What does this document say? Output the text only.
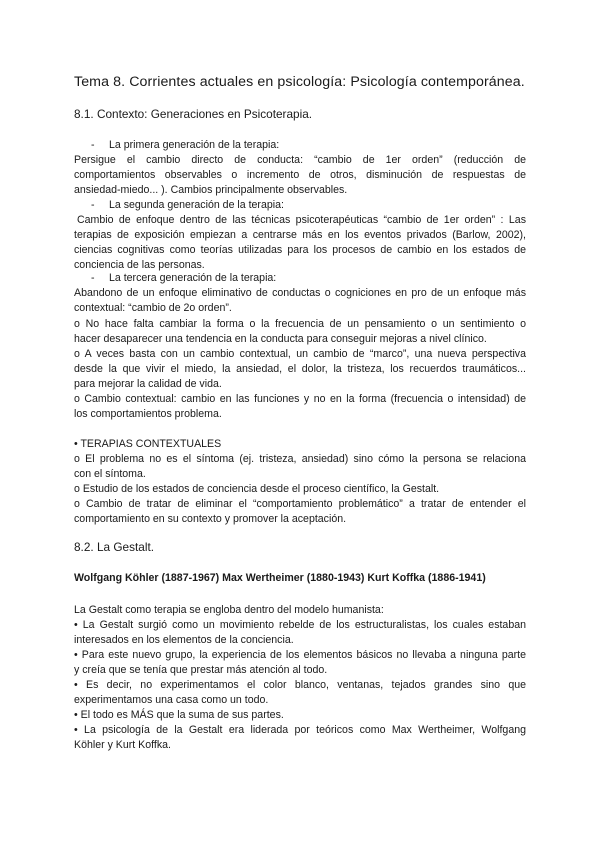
Tema 8. Corrientes actuales en psicología: Psicología contemporánea.
8.1. Contexto: Generaciones en Psicoterapia.
- La primera generación de la terapia:
Persigue el cambio directo de conducta: “cambio de 1er orden” (reducción de
comportamientos observables o incremento de otros, disminución de respuestas de
ansiedad-miedo... ). Cambios principalmente observables.
- La segunda generación de la terapia:
Cambio de enfoque dentro de las técnicas psicoterapéuticas “cambio de 1er orden” : Las
terapias de exposición empiezan a centrarse más en los eventos privados (Barlow, 2002),
ciencias cognitivas como teorías utilizadas para los procesos de cambio en los estados de
conciencia de las personas.
- La tercera generación de la terapia:
Abandono de un enfoque eliminativo de conductas o cogniciones en pro de un enfoque más
contextual: “cambio de 2o orden”.
o No hace falta cambiar la forma o la frecuencia de un pensamiento o un sentimiento o
hacer desaparecer una tendencia en la conducta para conseguir mejoras a nivel clínico.
o A veces basta con un cambio contextual, un cambio de “marco”, una nueva perspectiva
desde la que vivir el miedo, la ansiedad, el dolor, la tristeza, los recuerdos traumáticos...
para mejorar la calidad de vida.
o Cambio contextual: cambio en las funciones y no en la forma (frecuencia o intensidad) de
los comportamientos problema.
• TERAPIAS CONTEXTUALES
o El problema no es el síntoma (ej. tristeza, ansiedad) sino cómo la persona se relaciona
con el síntoma.
o Estudio de los estados de conciencia desde el proceso científico, la Gestalt.
o Cambio de tratar de eliminar el “comportamiento problemático” a tratar de entender el
comportamiento en su contexto y promover la aceptación.
8.2. La Gestalt.
Wolfgang Köhler (1887-1967) Max Wertheimer (1880-1943) Kurt Koffka (1886-1941)
La Gestalt como terapia se engloba dentro del modelo humanista:
• La Gestalt surgió como un movimiento rebelde de los estructuralistas, los cuales estaban
interesados en los elementos de la conciencia.
• Para este nuevo grupo, la experiencia de los elementos básicos no llevaba a ninguna parte
y creía que se tenía que prestar más atención al todo.
• Es decir, no experimentamos el color blanco, ventanas, tejados grandes sino que
experimentamos una casa como un todo.
• El todo es MÁS que la suma de sus partes.
• La psicología de la Gestalt era liderada por teóricos como Max Wertheimer, Wolfgang
Köhler y Kurt Koffka.
